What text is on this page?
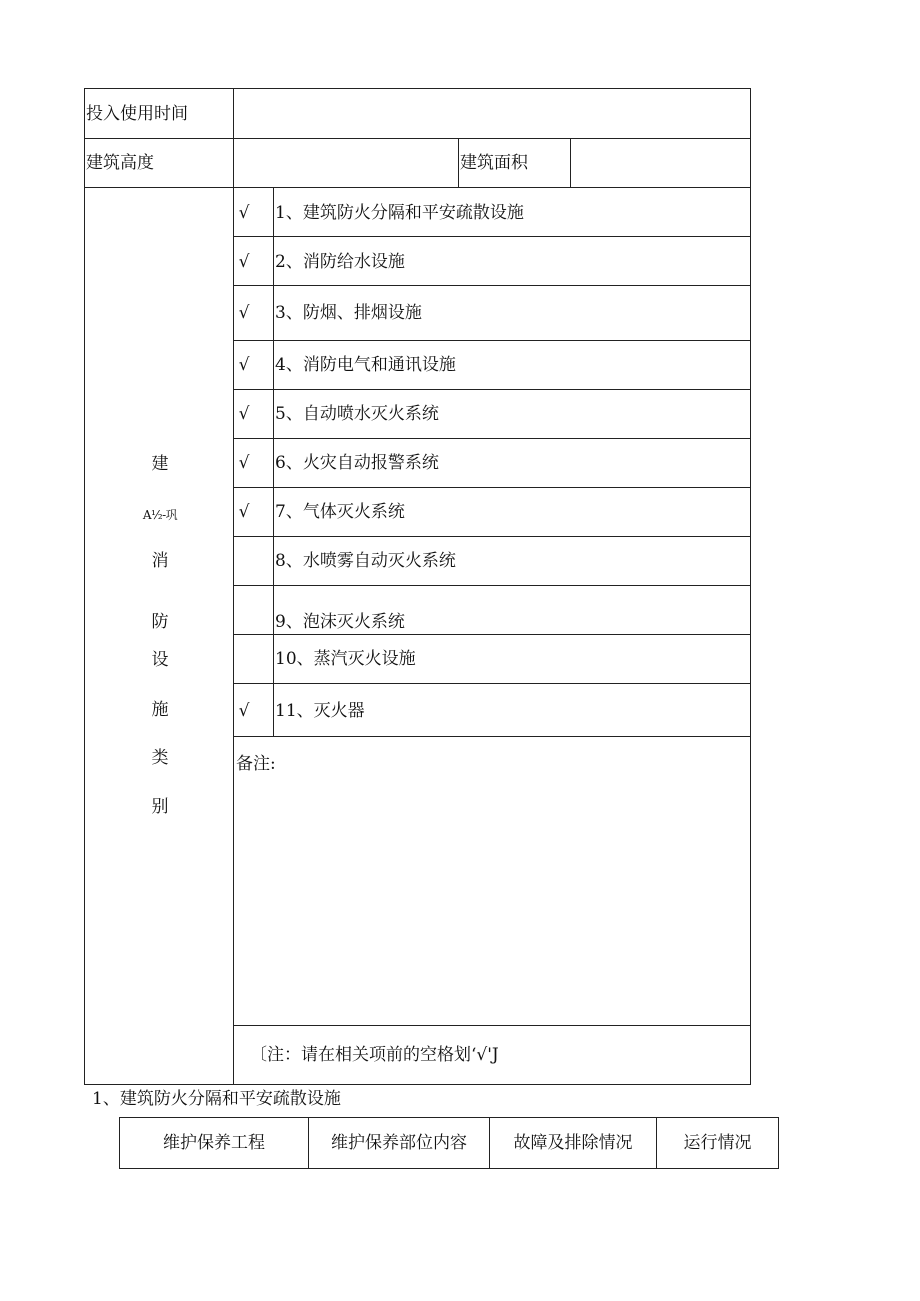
投入使用时间
建筑高度	建筑面积
建
A½-巩
消
防
设
施
类
别
√ 1、建筑防火分隔和平安疏散设施
√ 2、消防给水设施
√ 3、防烟、排烟设施
√ 4、消防电气和通讯设施
√ 5、自动喷水灭火系统
√ 6、火灾自动报警系统
√ 7、气体灭火系统
8、水喷雾自动灭火系统
9、泡沫灭火系统
10、蒸汽灭火设施
√ 11、灭火器
备注:
〔注：请在相关项前的空格划‘√'J
1、建筑防火分隔和平安疏散设施
维护保养工程	维护保养部位内容	故障及排除情况	运行情况
